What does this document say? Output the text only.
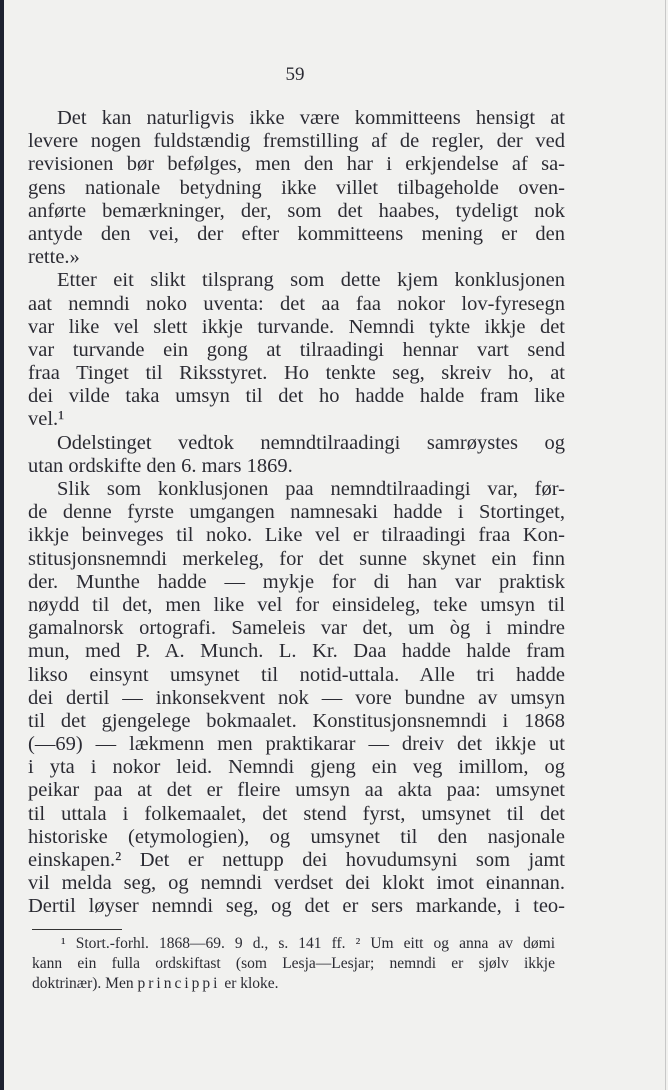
59
Det kan naturligvis ikke være kommitteens hensigt at
levere nogen fuldstændig fremstilling af de regler, der ved
revisionen bør befølges, men den har i erkjendelse af sa-
gens nationale betydning ikke villet tilbageholde oven-
anførte bemærkninger, der, som det haabes, tydeligt nok
antyde den vei, der efter kommitteens mening er den
rette.»
Etter eit slikt tilsprang som dette kjem konklusjonen
aat nemndi noko uventa: det aa faa nokor lov-fyresegn
var like vel slett ikkje turvande. Nemndi tykte ikkje det
var turvande ein gong at tilraadingi hennar vart send
fraa Tinget til Riksstyret. Ho tenkte seg, skreiv ho, at
dei vilde taka umsyn til det ho hadde halde fram like
vel.¹
Odelstinget vedtok nemndtilraadingi samrøystes og
utan ordskifte den 6. mars 1869.
Slik som konklusjonen paa nemndtilraadingi var, før-
de denne fyrste umgangen namnesaki hadde i Stortinget,
ikkje beinveges til noko. Like vel er tilraadingi fraa Kon-
stitusjonsnemndi merkeleg, for det sunne skynet ein finn
der. Munthe hadde — mykje for di han var praktisk
nøydd til det, men like vel for einsideleg, teke umsyn til
gamalnorsk ortografi. Sameleis var det, um òg i mindre
mun, med P. A. Munch. L. Kr. Daa hadde halde fram
likso einsynt umsynet til notid-uttala. Alle tri hadde
dei dertil — inkonsekvent nok — vore bundne av umsyn
til det gjengelege bokmaalet. Konstitusjonsnemndi i 1868
(—69) — lækmenn men praktikarar — dreiv det ikkje ut
i yta i nokor leid. Nemndi gjeng ein veg imillom, og
peikar paa at det er fleire umsyn aa akta paa: umsynet
til uttala i folkemaalet, det stend fyrst, umsynet til det
historiske (etymologien), og umsynet til den nasjonale
einskapen.² Det er nettupp dei hovudumsyni som jamt
vil melda seg, og nemndi verdset dei klokt imot einannan.
Dertil løyser nemndi seg, og det er sers markande, i teo-
¹ Stort.-forhl. 1868—69. 9 d., s. 141 ff. ² Um eitt og anna av dømi
kann ein fulla ordskiftast (som Lesja—Lesjar; nemndi er sjølv ikkje
doktrinær). Men princippi er kloke.
